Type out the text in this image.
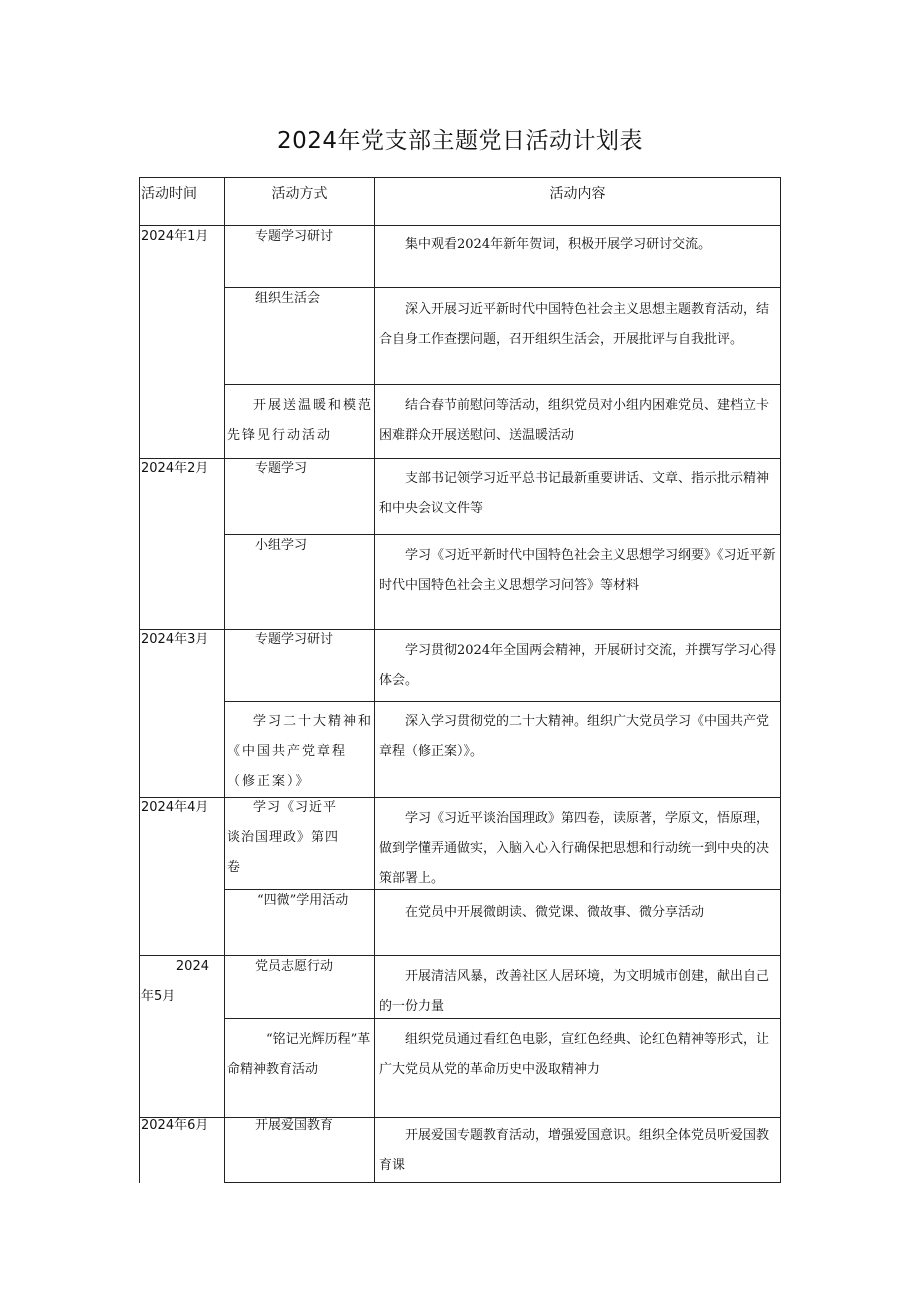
2024年党支部主题党日活动计划表
活动时间	活动方式	活动内容
2024年1月
2024年2月
2024年3月
2024年4月
2024
年5月
2024年6月
专题学习研讨
集中观看2024年新年贺词，积极开展学习研讨交流。
组织生活会
深入开展习近平新时代中国特色社会主义思想主题教育活动，结合自身工作查摆问题，召开组织生活会，开展批评与自我批评。
开展送温暖和模范先锋见行动活动
结合春节前慰问等活动，组织党员对小组内困难党员、建档立卡困难群众开展送慰问、送温暖活动
专题学习
支部书记领学习近平总书记最新重要讲话、文章、指示批示精神和中央会议文件等
小组学习
学习《习近平新时代中国特色社会主义思想学习纲要》《习近平新时代中国特色社会主义思想学习问答》等材料
专题学习研讨
学习贯彻2024年全国两会精神，开展研讨交流，并撰写学习心得体会。
学习二十大精神和《中国共产党章程（修正案）》
深入学习贯彻党的二十大精神。组织广大党员学习《中国共产党章程（修正案）》。
学习《习近平谈治国理政》第四卷
学习《习近平谈治国理政》第四卷，读原著，学原文，悟原理，做到学懂弄通做实，入脑入心入行确保把思想和行动统一到中央的决策部署上。
“四微”学用活动
在党员中开展微朗读、微党课、微故事、微分享活动
党员志愿行动
开展清洁风暴，改善社区人居环境，为文明城市创建，献出自己的一份力量
“铭记光辉历程”革命精神教育活动
组织党员通过看红色电影，宣红色经典、论红色精神等形式，让广大党员从党的革命历史中汲取精神力
开展爱国教育
开展爱国专题教育活动，增强爱国意识。组织全体党员听爱国教育课
